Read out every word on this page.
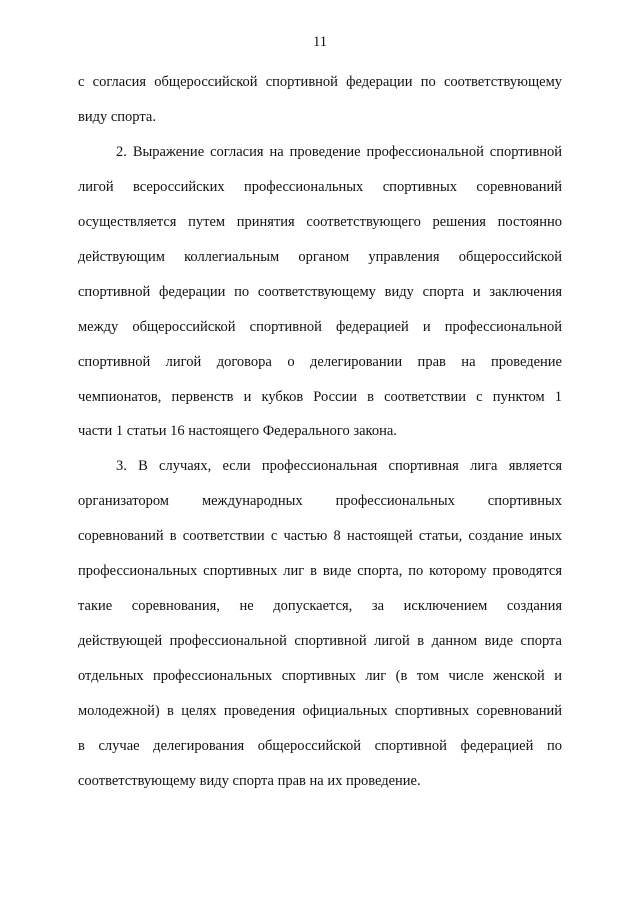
11
с согласия общероссийской спортивной федерации по соответствующему
виду спорта.
2. Выражение согласия на проведение профессиональной спортивной
лигой всероссийских профессиональных спортивных соревнований
осуществляется путем принятия соответствующего решения постоянно
действующим коллегиальным органом управления общероссийской
спортивной федерации по соответствующему виду спорта и заключения
между общероссийской спортивной федерацией и профессиональной
спортивной лигой договора о делегировании прав на проведение
чемпионатов, первенств и кубков России в соответствии с пунктом 1
части 1 статьи 16 настоящего Федерального закона.
3. В случаях, если профессиональная спортивная лига является
организатором международных профессиональных спортивных
соревнований в соответствии с частью 8 настоящей статьи, создание иных
профессиональных спортивных лиг в виде спорта, по которому проводятся
такие соревнования, не допускается, за исключением создания
действующей профессиональной спортивной лигой в данном виде спорта
отдельных профессиональных спортивных лиг (в том числе женской и
молодежной) в целях проведения официальных спортивных соревнований
в случае делегирования общероссийской спортивной федерацией по
соответствующему виду спорта прав на их проведение.
